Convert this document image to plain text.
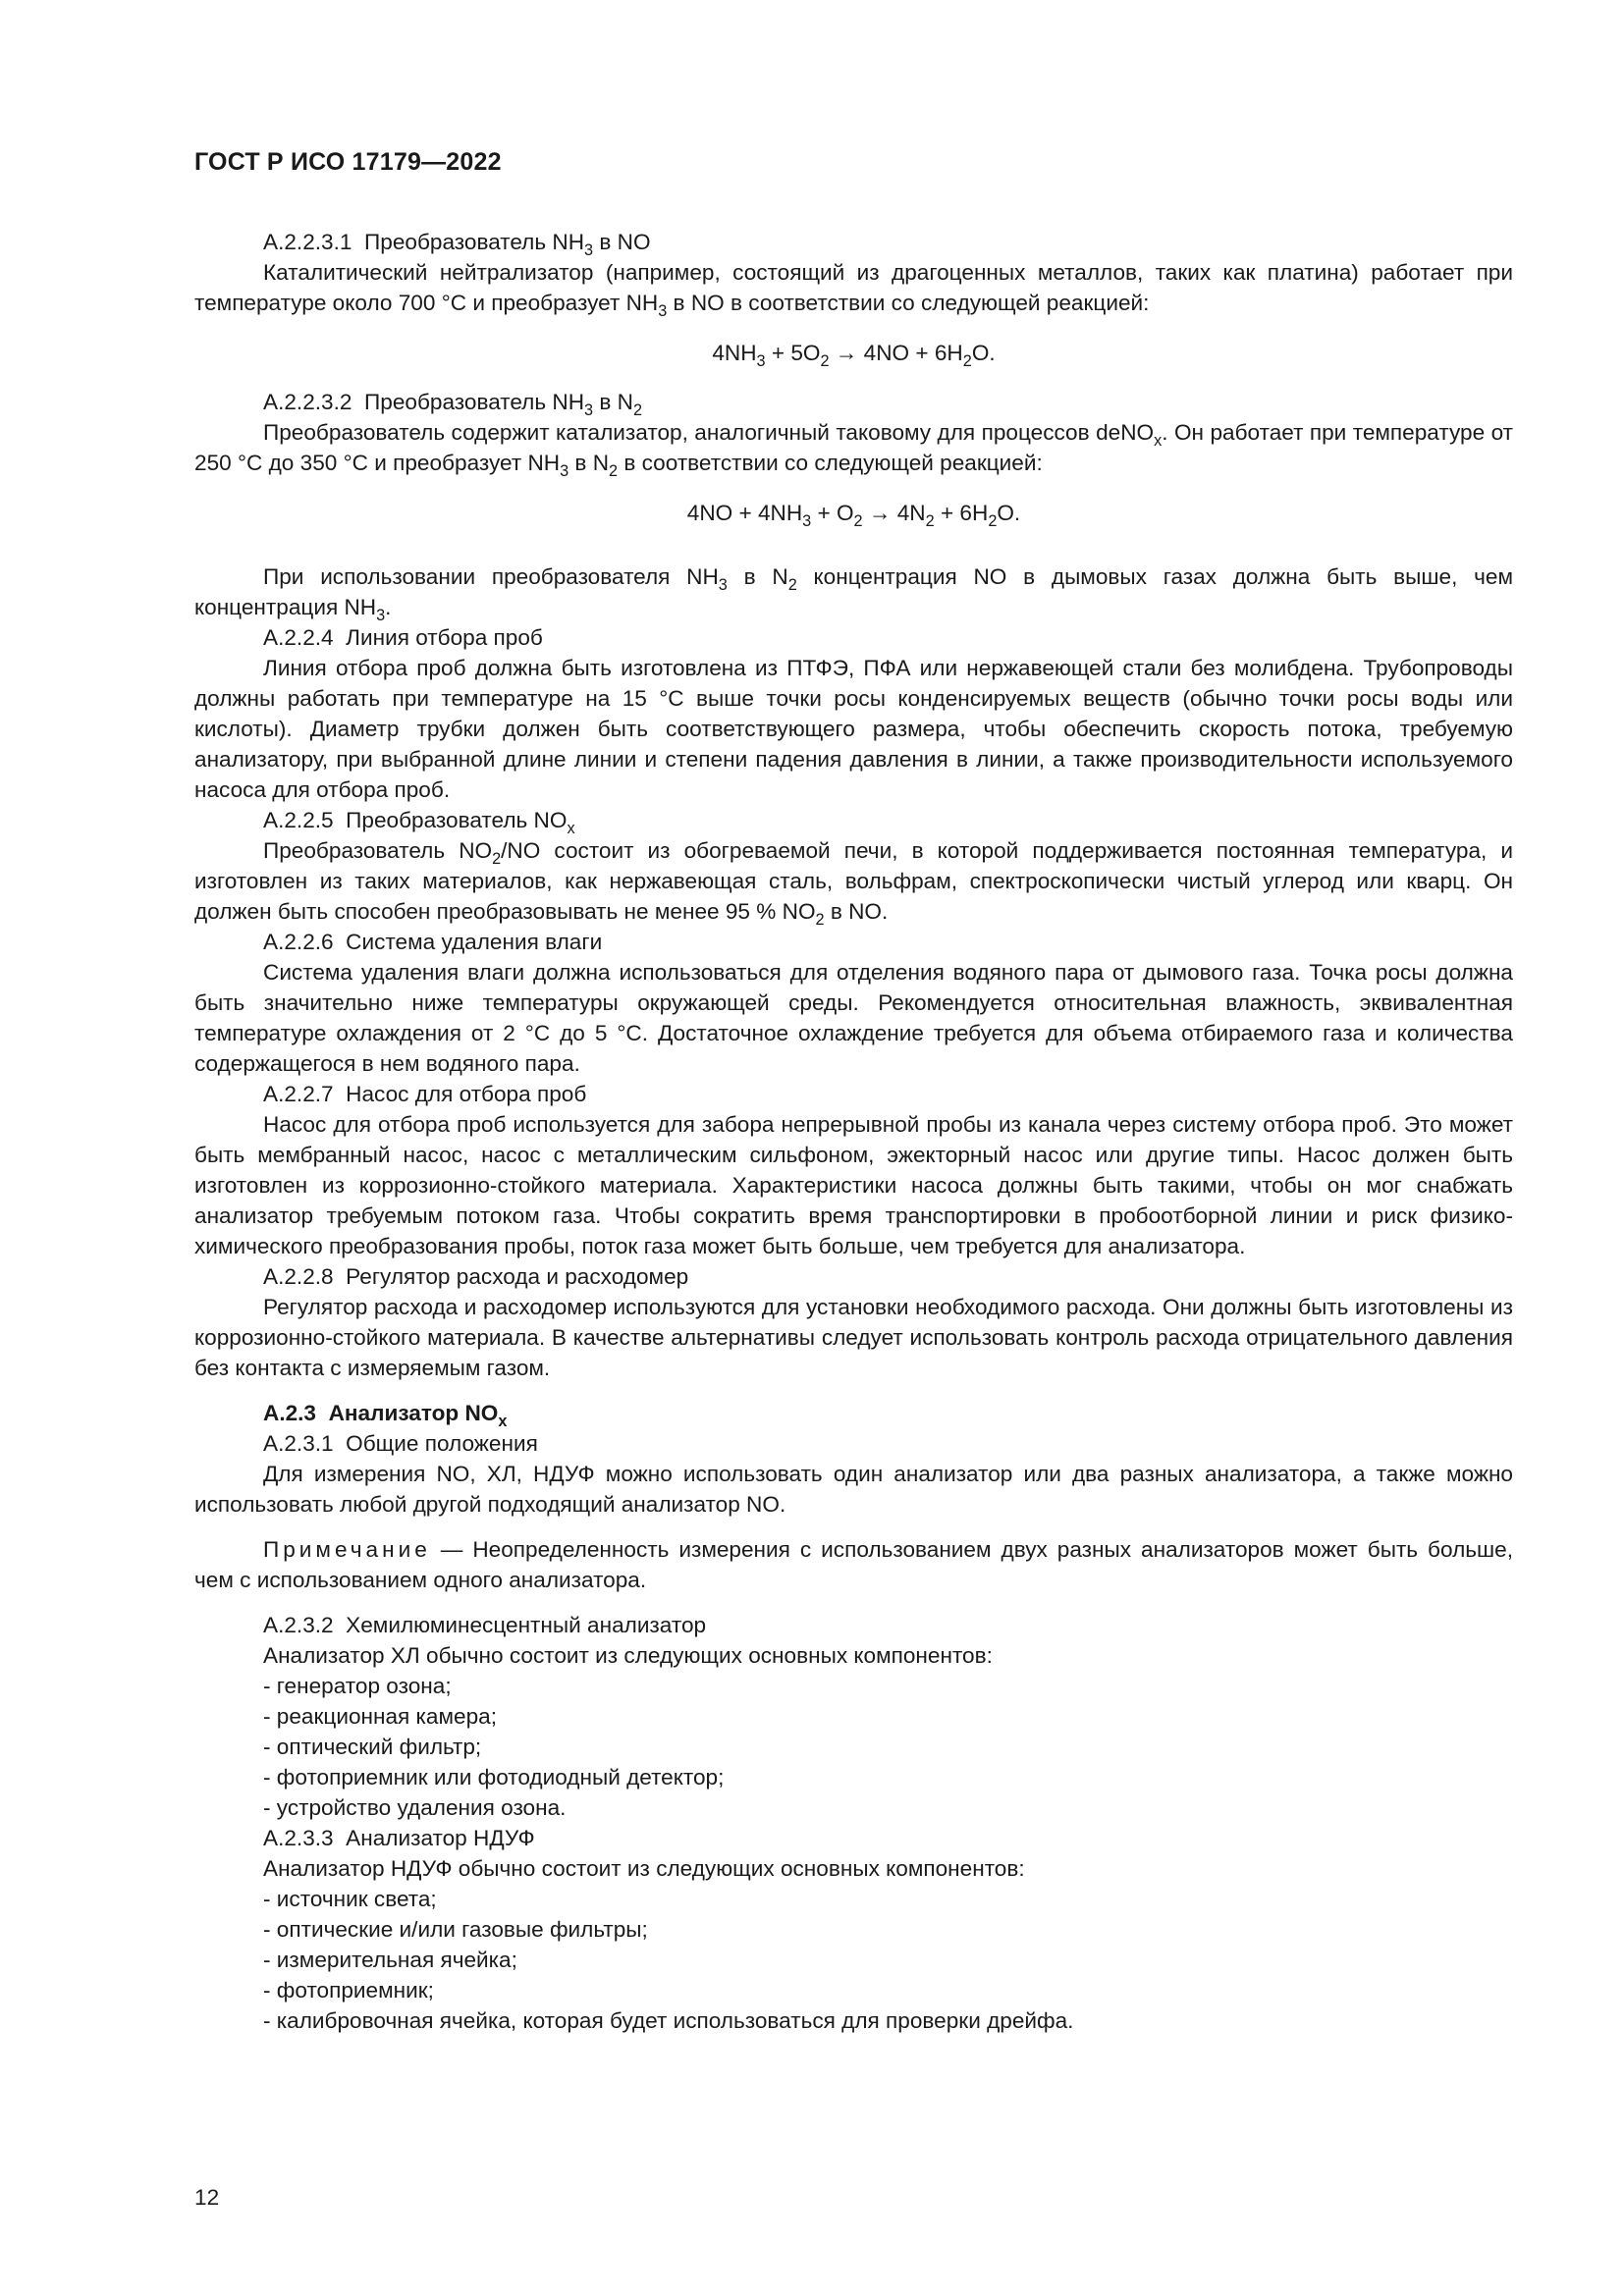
ГОСТ Р ИСО 17179—2022
А.2.2.3.1 Преобразователь $NH_3$ в NO
Каталитический нейтрализатор (например, состоящий из драгоценных металлов, таких как платина) работает при температуре около 700 °С и преобразует $NH_3$ в NO в соответствии со следующей реакцией:
$4NH_3 + 5O_2 \to 4NO + 6H_2O$.
А.2.2.3.2 Преобразователь $NH_3$ в $N_2$
Преобразователь содержит катализатор, аналогичный таковому для процессов deNO$_x$. Он работает при температуре от 250 °С до 350 °С и преобразует $NH_3$ в $N_2$ в соответствии со следующей реакцией:
$4NO + 4NH_3 + O_2 \to 4N_2 + 6H_2O$.
При использовании преобразователя $NH_3$ в $N_2$ концентрация NO в дымовых газах должна быть выше, чем концентрация $NH_3$.
А.2.2.4 Линия отбора проб
Линия отбора проб должна быть изготовлена из ПТФЭ, ПФА или нержавеющей стали без молибдена. Трубопроводы должны работать при температуре на 15 °С выше точки росы конденсируемых веществ (обычно точки росы воды или кислоты). Диаметр трубки должен быть соответствующего размера, чтобы обеспечить скорость потока, требуемую анализатору, при выбранной длине линии и степени падения давления в линии, а также производительности используемого насоса для отбора проб.
А.2.2.5 Преобразователь $NO_x$
Преобразователь $NO_2/NO$ состоит из обогреваемой печи, в которой поддерживается постоянная температура, и изготовлен из таких материалов, как нержавеющая сталь, вольфрам, спектроскопически чистый углерод или кварц. Он должен быть способен преобразовывать не менее 95 % $NO_2$ в NO.
А.2.2.6 Система удаления влаги
Система удаления влаги должна использоваться для отделения водяного пара от дымового газа. Точка росы должна быть значительно ниже температуры окружающей среды. Рекомендуется относительная влажность, эквивалентная температуре охлаждения от 2 °С до 5 °С. Достаточное охлаждение требуется для объема отбираемого газа и количества содержащегося в нем водяного пара.
А.2.2.7 Насос для отбора проб
Насос для отбора проб используется для забора непрерывной пробы из канала через систему отбора проб. Это может быть мембранный насос, насос с металлическим сильфоном, эжекторный насос или другие типы. Насос должен быть изготовлен из коррозионно-стойкого материала. Характеристики насоса должны быть такими, чтобы он мог снабжать анализатор требуемым потоком газа. Чтобы сократить время транспортировки в пробоотборной линии и риск физико-химического преобразования пробы, поток газа может быть больше, чем требуется для анализатора.
А.2.2.8 Регулятор расхода и расходомер
Регулятор расхода и расходомер используются для установки необходимого расхода. Они должны быть изготовлены из коррозионно-стойкого материала. В качестве альтернативы следует использовать контроль расхода отрицательного давления без контакта с измеряемым газом.
А.2.3 Анализатор $NO_x$
А.2.3.1 Общие положения
Для измерения NO, ХЛ, НДУФ можно использовать один анализатор или два разных анализатора, а также можно использовать любой другой подходящий анализатор NO.
Примечание — Неопределенность измерения с использованием двух разных анализаторов может быть больше, чем с использованием одного анализатора.
А.2.3.2 Хемилюминесцентный анализатор
Анализатор ХЛ обычно состоит из следующих основных компонентов:
- генератор озона;
- реакционная камера;
- оптический фильтр;
- фотоприемник или фотодиодный детектор;
- устройство удаления озона.
А.2.3.3 Анализатор НДУФ
Анализатор НДУФ обычно состоит из следующих основных компонентов:
- источник света;
- оптические и/или газовые фильтры;
- измерительная ячейка;
- фотоприемник;
- калибровочная ячейка, которая будет использоваться для проверки дрейфа.
12
